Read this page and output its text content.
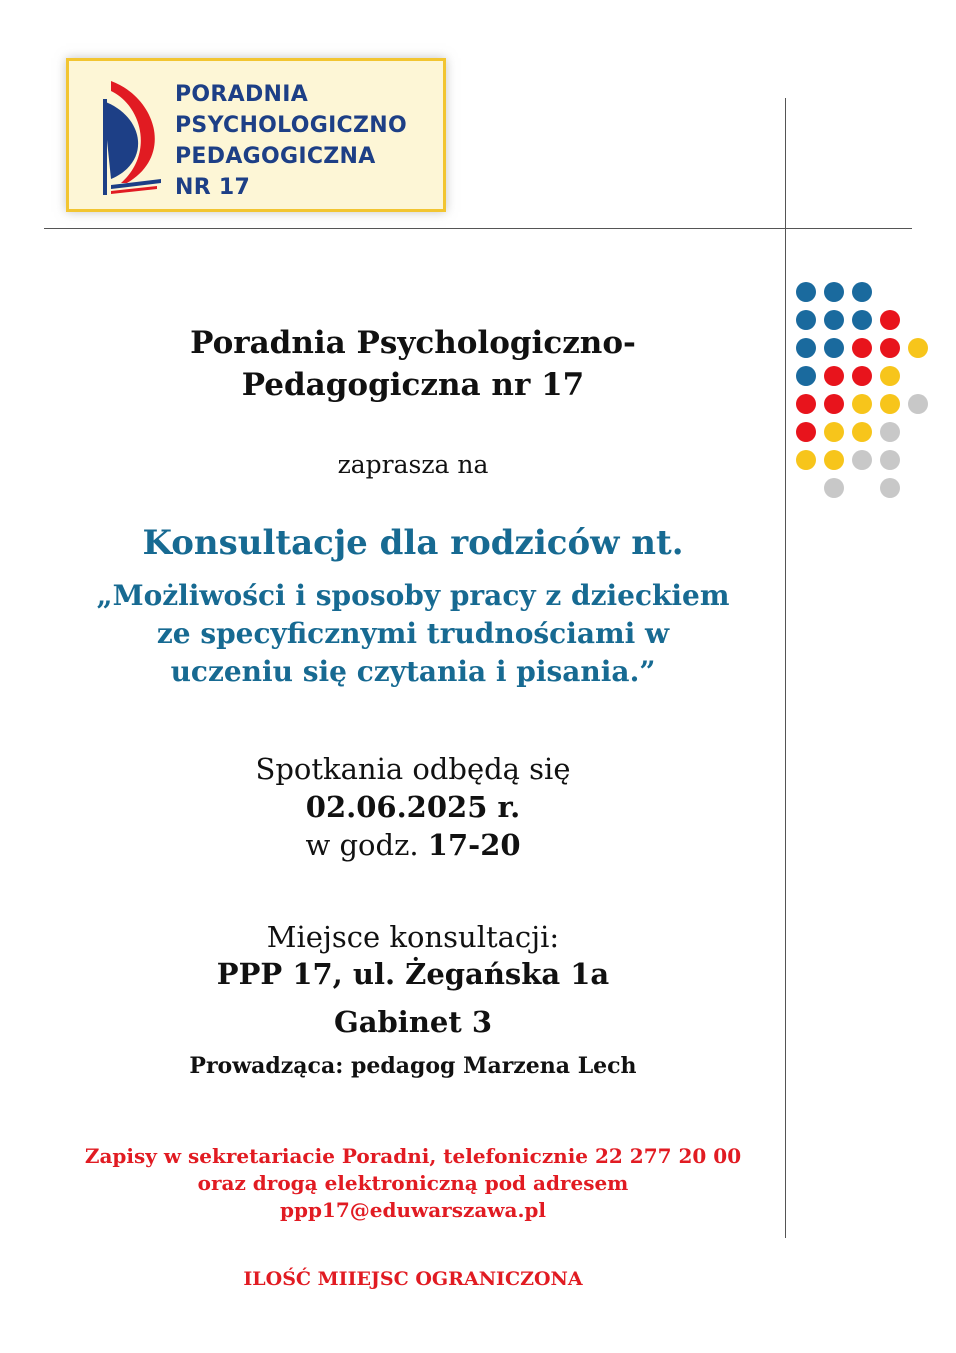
PORADNIA
PSYCHOLOGICZNO
PEDAGOGICZNA
NR 17
Poradnia Psychologiczno-
Pedagogiczna nr 17
zaprasza na
Konsultacje dla rodziców nt.
„Możliwości i sposoby pracy z dzieckiem
ze specyficznymi trudnościami w
uczeniu się czytania i pisania.”
Spotkania odbędą się
02.06.2025 r.
w godz. 17-20
Miejsce konsultacji:
PPP 17, ul. Żegańska 1a
Gabinet 3
Prowadząca: pedagog Marzena Lech
Zapisy w sekretariacie Poradni, telefonicznie 22 277 20 00
oraz drogą elektroniczną pod adresem
ppp17@eduwarszawa.pl
ILOŚĆ MIIEJSC OGRANICZONA
